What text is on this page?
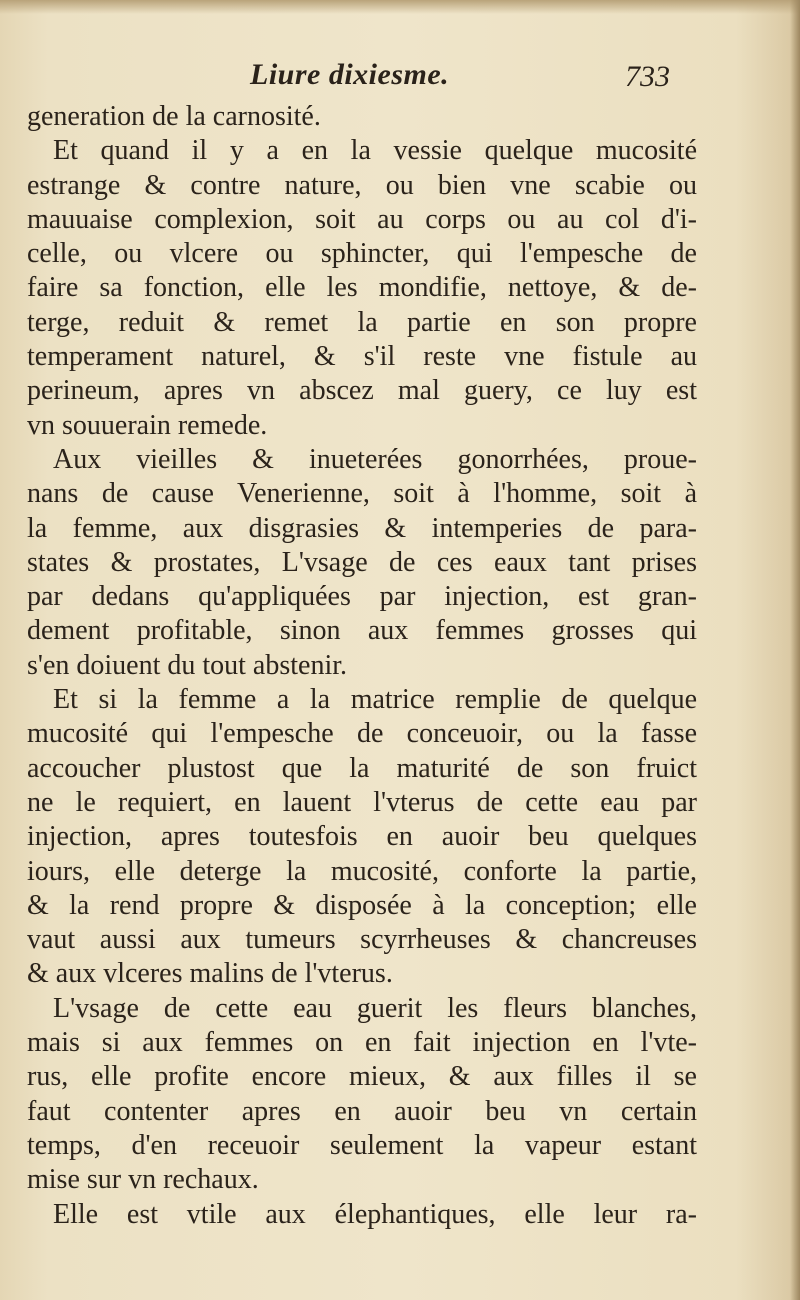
Liure dixiesme.	733
generation de la carnosité.
Et quand il y a en la vessie quelque mucosité
estrange & contre nature, ou bien vne scabie ou
mauuaise complexion, soit au corps ou au col d'i-
celle, ou vlcere ou sphincter, qui l'empesche de
faire sa fonction, elle les mondifie, nettoye, & de-
terge, reduit & remet la partie en son propre
temperament naturel, & s'il reste vne fistule au
perineum, apres vn abscez mal guery, ce luy est
vn souuerain remede.
Aux vieilles & inueterées gonorrhées, proue-
nans de cause Venerienne, soit à l'homme, soit à
la femme, aux disgrasies & intemperies de para-
states & prostates, L'vsage de ces eaux tant prises
par dedans qu'appliquées par injection, est gran-
dement profitable, sinon aux femmes grosses qui
s'en doiuent du tout abstenir.
Et si la femme a la matrice remplie de quelque
mucosité qui l'empesche de conceuoir, ou la fasse
accoucher plustost que la maturité de son fruict
ne le requiert, en lauent l'vterus de cette eau par
injection, apres toutesfois en auoir beu quelques
iours, elle deterge la mucosité, conforte la partie,
& la rend propre & disposée à la conception; elle
vaut aussi aux tumeurs scyrrheuses & chancreuses
& aux vlceres malins de l'vterus.
L'vsage de cette eau guerit les fleurs blanches,
mais si aux femmes on en fait injection en l'vte-
rus, elle profite encore mieux, & aux filles il se
faut contenter apres en auoir beu vn certain
temps, d'en receuoir seulement la vapeur estant
mise sur vn rechaux.
Elle est vtile aux élephantiques, elle leur ra-
